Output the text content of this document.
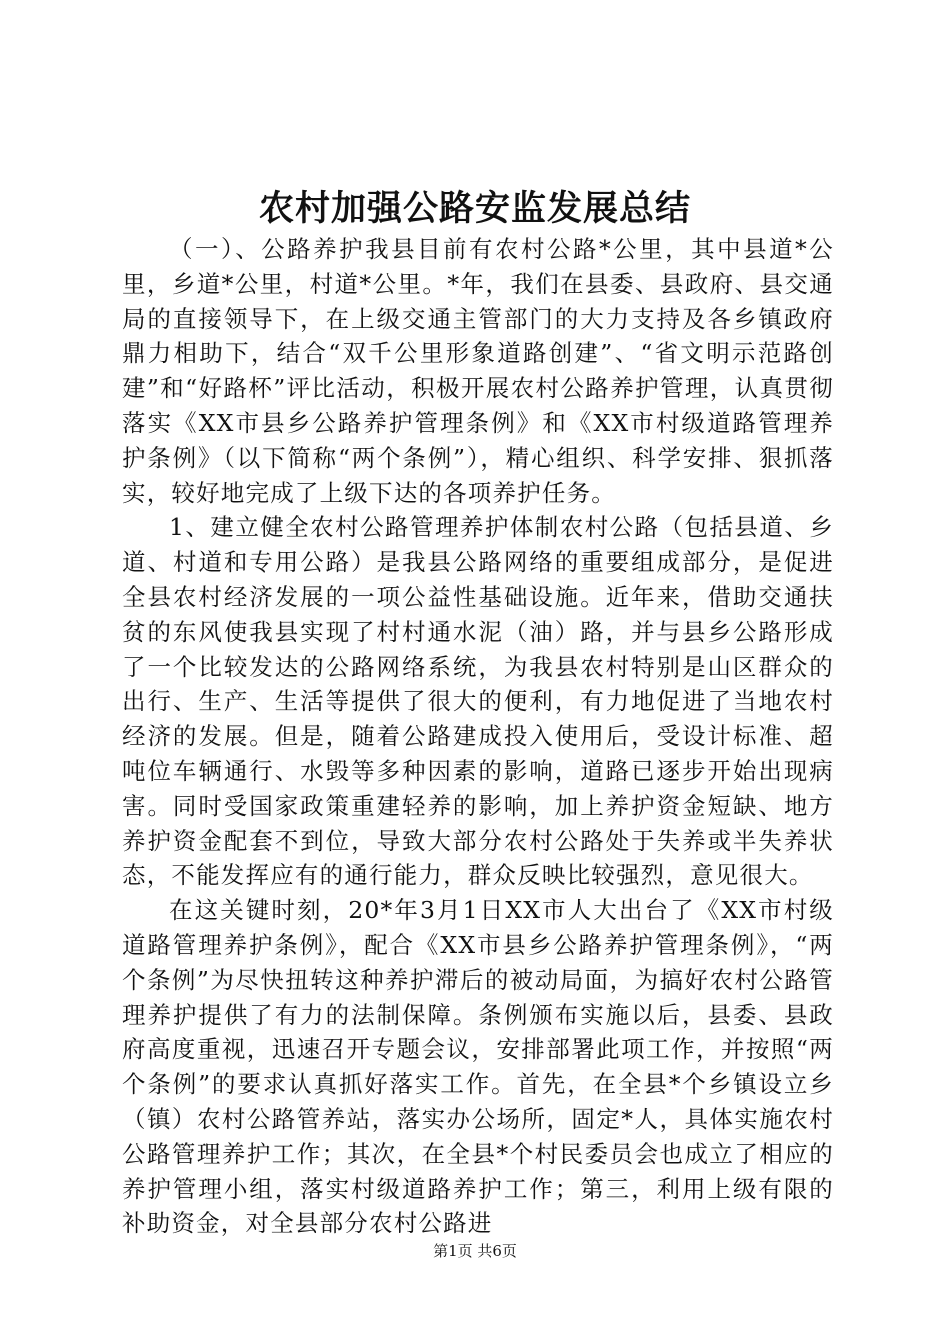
农村加强公路安监发展总结

（一）、公路养护我县目前有农村公路*公里，其中县道*公里，乡道*公里，村道*公里。*年，我们在县委、县政府、县交通局的直接领导下，在上级交通主管部门的大力支持及各乡镇政府鼎力相助下，结合“双千公里形象道路创建”、“省文明示范路创建”和“好路杯”评比活动，积极开展农村公路养护管理，认真贯彻落实《XX市县乡公路养护管理条例》和《XX市村级道路管理养护条例》（以下简称“两个条例”），精心组织、科学安排、狠抓落实，较好地完成了上级下达的各项养护任务。

1、建立健全农村公路管理养护体制农村公路（包括县道、乡道、村道和专用公路）是我县公路网络的重要组成部分，是促进全县农村经济发展的一项公益性基础设施。近年来，借助交通扶贫的东风使我县实现了村村通水泥（油）路，并与县乡公路形成了一个比较发达的公路网络系统，为我县农村特别是山区群众的出行、生产、生活等提供了很大的便利，有力地促进了当地农村经济的发展。但是，随着公路建成投入使用后，受设计标准、超吨位车辆通行、水毁等多种因素的影响，道路已逐步开始出现病害。同时受国家政策重建轻养的影响，加上养护资金短缺、地方养护资金配套不到位，导致大部分农村公路处于失养或半失养状态，不能发挥应有的通行能力，群众反映比较强烈，意见很大。

在这关键时刻，20*年3月1日XX市人大出台了《XX市村级道路管理养护条例》，配合《XX市县乡公路养护管理条例》，“两个条例”为尽快扭转这种养护滞后的被动局面，为搞好农村公路管理养护提供了有力的法制保障。条例颁布实施以后，县委、县政府高度重视，迅速召开专题会议，安排部署此项工作，并按照“两个条例”的要求认真抓好落实工作。首先，在全县*个乡镇设立乡（镇）农村公路管养站，落实办公场所，固定*人，具体实施农村公路管理养护工作；其次，在全县*个村民委员会也成立了相应的养护管理小组，落实村级道路养护工作；第三，利用上级有限的补助资金，对全县部分农村公路进

第1页 共6页
